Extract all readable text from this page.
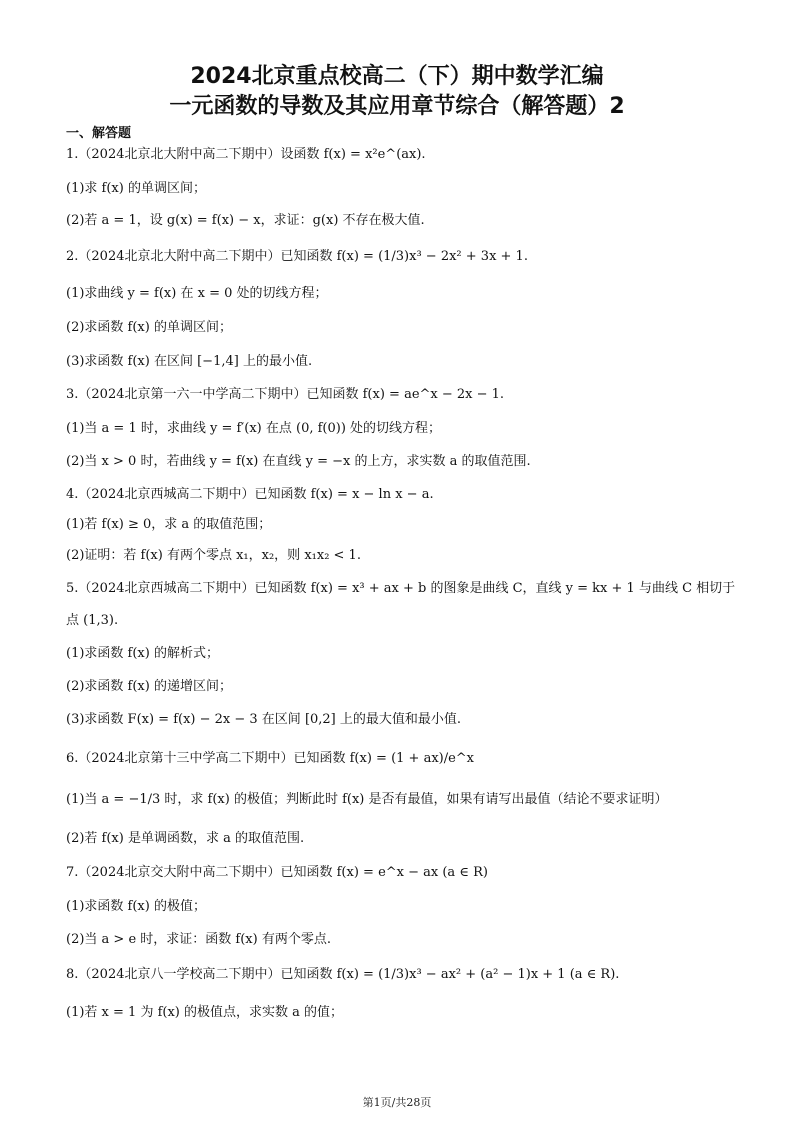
2024北京重点校高二（下）期中数学汇编
一元函数的导数及其应用章节综合（解答题）2
一、解答题
1.（2024北京北大附中高二下期中）设函数 f(x) = x²e^(ax).
(1)求 f(x) 的单调区间；
(2)若 a = 1，设 g(x) = f(x) − x，求证：g(x) 不存在极大值.
2.（2024北京北大附中高二下期中）已知函数 f(x) = (1/3)x³ − 2x² + 3x + 1.
(1)求曲线 y = f(x) 在 x = 0 处的切线方程；
(2)求函数 f(x) 的单调区间；
(3)求函数 f(x) 在区间 [−1,4] 上的最小值.
3.（2024北京第一六一中学高二下期中）已知函数 f(x) = ae^x − 2x − 1.
(1)当 a = 1 时，求曲线 y = f′(x) 在点 (0, f(0)) 处的切线方程；
(2)当 x > 0 时，若曲线 y = f(x) 在直线 y = −x 的上方，求实数 a 的取值范围.
4.（2024北京西城高二下期中）已知函数 f(x) = x − ln x − a.
(1)若 f(x) ≥ 0，求 a 的取值范围；
(2)证明：若 f(x) 有两个零点 x₁，x₂，则 x₁x₂ < 1.
5.（2024北京西城高二下期中）已知函数 f(x) = x³ + ax + b 的图象是曲线 C，直线 y = kx + 1 与曲线 C 相切于
点 (1,3).
(1)求函数 f(x) 的解析式；
(2)求函数 f(x) 的递增区间；
(3)求函数 F(x) = f(x) − 2x − 3 在区间 [0,2] 上的最大值和最小值.
6.（2024北京第十三中学高二下期中）已知函数 f(x) = (1 + ax)/e^x
(1)当 a = −1/3 时，求 f(x) 的极值；判断此时 f(x) 是否有最值，如果有请写出最值（结论不要求证明）
(2)若 f(x) 是单调函数，求 a 的取值范围.
7.（2024北京交大附中高二下期中）已知函数 f(x) = e^x − ax (a ∈ R)
(1)求函数 f(x) 的极值；
(2)当 a > e 时，求证：函数 f(x) 有两个零点.
8.（2024北京八一学校高二下期中）已知函数 f(x) = (1/3)x³ − ax² + (a² − 1)x + 1 (a ∈ R).
(1)若 x = 1 为 f(x) 的极值点，求实数 a 的值；
第1页/共28页
